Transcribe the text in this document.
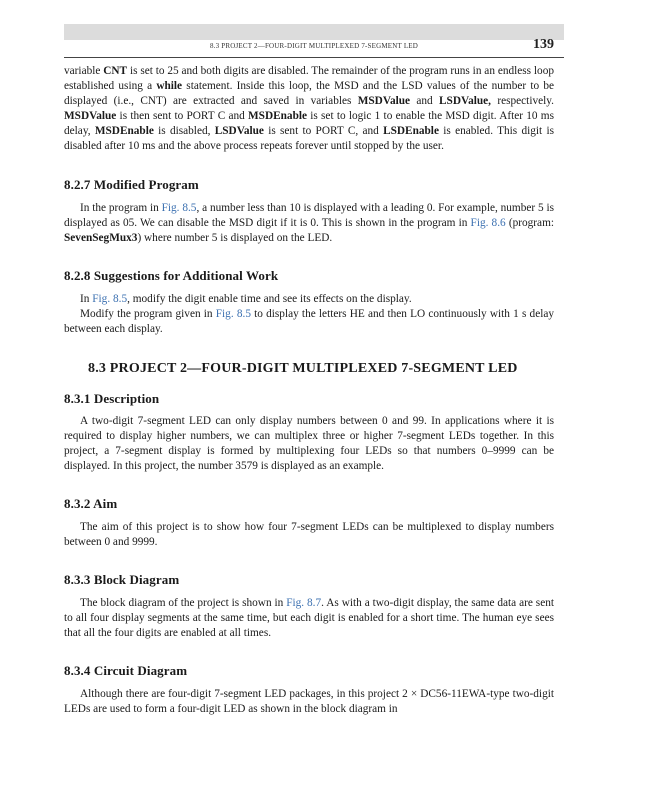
8.3 PROJECT 2—FOUR-DIGIT MULTIPLEXED 7-SEGMENT LED	139

variable CNT is set to 25 and both digits are disabled. The remainder of the program runs in an endless loop established using a while statement. Inside this loop, the MSD and the LSD values of the number to be displayed (i.e., CNT) are extracted and saved in variables MSDValue and LSDValue, respectively. MSDValue is then sent to PORT C and MSDEnable is set to logic 1 to enable the MSD digit. After 10 ms delay, MSDEnable is disabled, LSDValue is sent to PORT C, and LSDEnable is enabled. This digit is disabled after 10 ms and the above process repeats forever until stopped by the user.

8.2.7 Modified Program

In the program in Fig. 8.5, a number less than 10 is displayed with a leading 0. For example, number 5 is displayed as 05. We can disable the MSD digit if it is 0. This is shown in the program in Fig. 8.6 (program: SevenSegMux3) where number 5 is displayed on the LED.

8.2.8 Suggestions for Additional Work

In Fig. 8.5, modify the digit enable time and see its effects on the display.

Modify the program given in Fig. 8.5 to display the letters HE and then LO continuously with 1 s delay between each display.

8.3 PROJECT 2—FOUR-DIGIT MULTIPLEXED 7-SEGMENT LED
8.3.1 Description

A two-digit 7-segment LED can only display numbers between 0 and 99. In applications where it is required to display higher numbers, we can multiplex three or higher 7-segment LEDs together. In this project, a 7-segment display is formed by multiplexing four LEDs so that numbers 0–9999 can be displayed. In this project, the number 3579 is displayed as an example.

8.3.2 Aim

The aim of this project is to show how four 7-segment LEDs can be multiplexed to display numbers between 0 and 9999.

8.3.3 Block Diagram

The block diagram of the project is shown in Fig. 8.7. As with a two-digit display, the same data are sent to all four display segments at the same time, but each digit is enabled for a short time. The human eye sees that all the four digits are enabled at all times.

8.3.4 Circuit Diagram

Although there are four-digit 7-segment LED packages, in this project 2 × DC56-11EWA-type two-digit LEDs are used to form a four-digit LED as shown in the block diagram in
